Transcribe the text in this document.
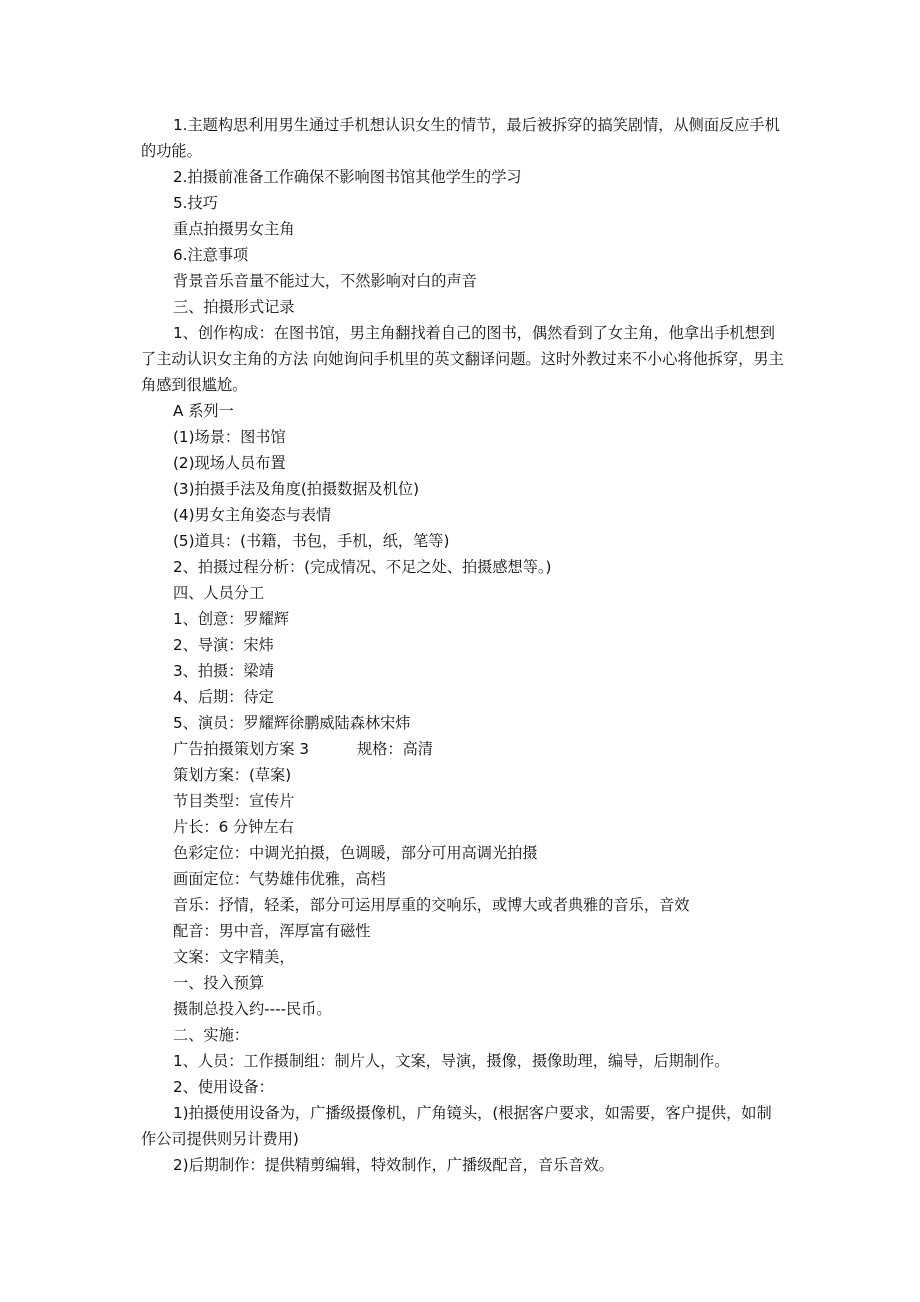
1.主题构思利用男生通过手机想认识女生的情节，最后被拆穿的搞笑剧情，从侧面反应手机的功能。

2.拍摄前准备工作确保不影响图书馆其他学生的学习

5.技巧

重点拍摄男女主角

6.注意事项

背景音乐音量不能过大，不然影响对白的声音

三、拍摄形式记录

1、创作构成：在图书馆，男主角翻找着自己的图书，偶然看到了女主角，他拿出手机想到了主动认识女主角的方法 向她询问手机里的英文翻译问题。这时外教过来不小心将他拆穿，男主角感到很尴尬。

A 系列一

(1)场景：图书馆

(2)现场人员布置

(3)拍摄手法及角度(拍摄数据及机位)

(4)男女主角姿态与表情

(5)道具：(书籍，书包，手机，纸，笔等)

2、拍摄过程分析：(完成情况、不足之处、拍摄感想等。)

四、人员分工

1、创意：罗耀辉

2、导演：宋炜

3、拍摄：梁靖

4、后期：待定

5、演员：罗耀辉徐鹏威陆森林宋炜

广告拍摄策划方案 3	规格：高清

策划方案：(草案)

节目类型：宣传片

片长：6 分钟左右

色彩定位：中调光拍摄，色调暖，部分可用高调光拍摄

画面定位：气势雄伟优雅，高档

音乐：抒情，轻柔，部分可运用厚重的交响乐，或博大或者典雅的音乐，音效

配音：男中音，浑厚富有磁性

文案：文字精美，

一、投入预算

摄制总投入约----民币。

二、实施：

1、人员：工作摄制组：制片人，文案，导演，摄像，摄像助理，编导，后期制作。

2、使用设备：

1)拍摄使用设备为，广播级摄像机，广角镜头，(根据客户要求，如需要，客户提供，如制作公司提供则另计费用)

2)后期制作：提供精剪编辑，特效制作，广播级配音，音乐音效。
